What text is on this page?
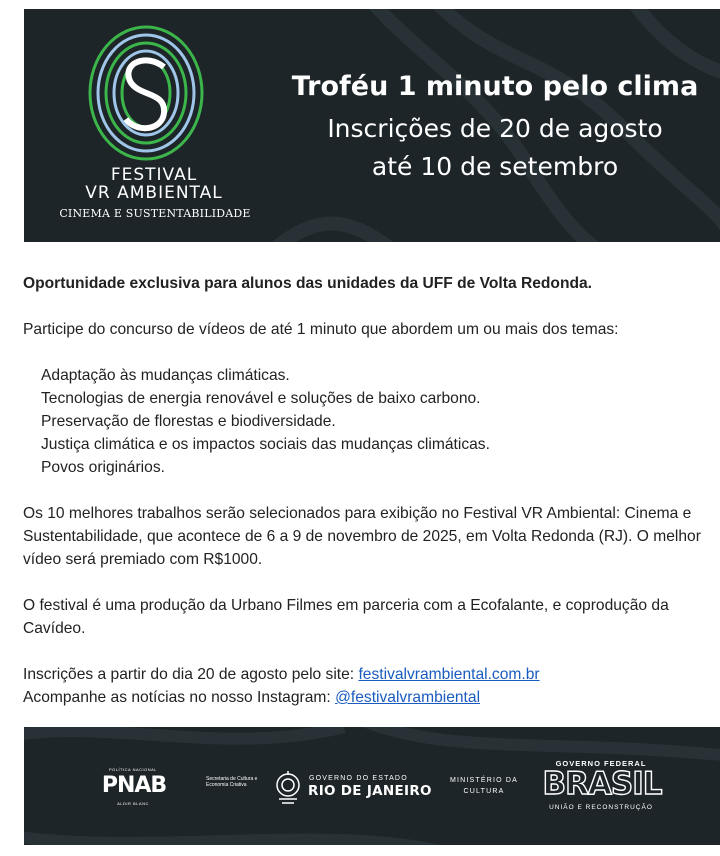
FESTIVAL
VR AMBIENTAL
CINEMA E SUSTENTABILIDADE
Troféu 1 minuto pelo clima
Inscrições de 20 de agosto
até 10 de setembro

Oportunidade exclusiva para alunos das unidades da UFF de Volta Redonda.

Participe do concurso de vídeos de até 1 minuto que abordem um ou mais dos temas:

Adaptação às mudanças climáticas.
Tecnologias de energia renovável e soluções de baixo carbono.
Preservação de florestas e biodiversidade.
Justiça climática e os impactos sociais das mudanças climáticas.
Povos originários.

Os 10 melhores trabalhos serão selecionados para exibição no Festival VR Ambiental: Cinema e Sustentabilidade, que acontece de 6 a 9 de novembro de 2025, em Volta Redonda (RJ). O melhor vídeo será premiado com R$1000.

O festival é uma produção da Urbano Filmes em parceria com a Ecofalante, e coprodução da Cavídeo.

Inscrições a partir do dia 20 de agosto pelo site: festivalvrambiental.com.br

Acompanhe as notícias no nosso Instagram: @festivalvrambiental

POLÍTICA NACIONAL
PNAB
ALDIR BLANC
Secretaria de Cultura e Economia Criativa
GOVERNO DO ESTADO
RIO DE JANEIRO
MINISTÉRIO DA
CULTURA
GOVERNO FEDERAL
BRASIL
UNIÃO E RECONSTRUÇÃO
